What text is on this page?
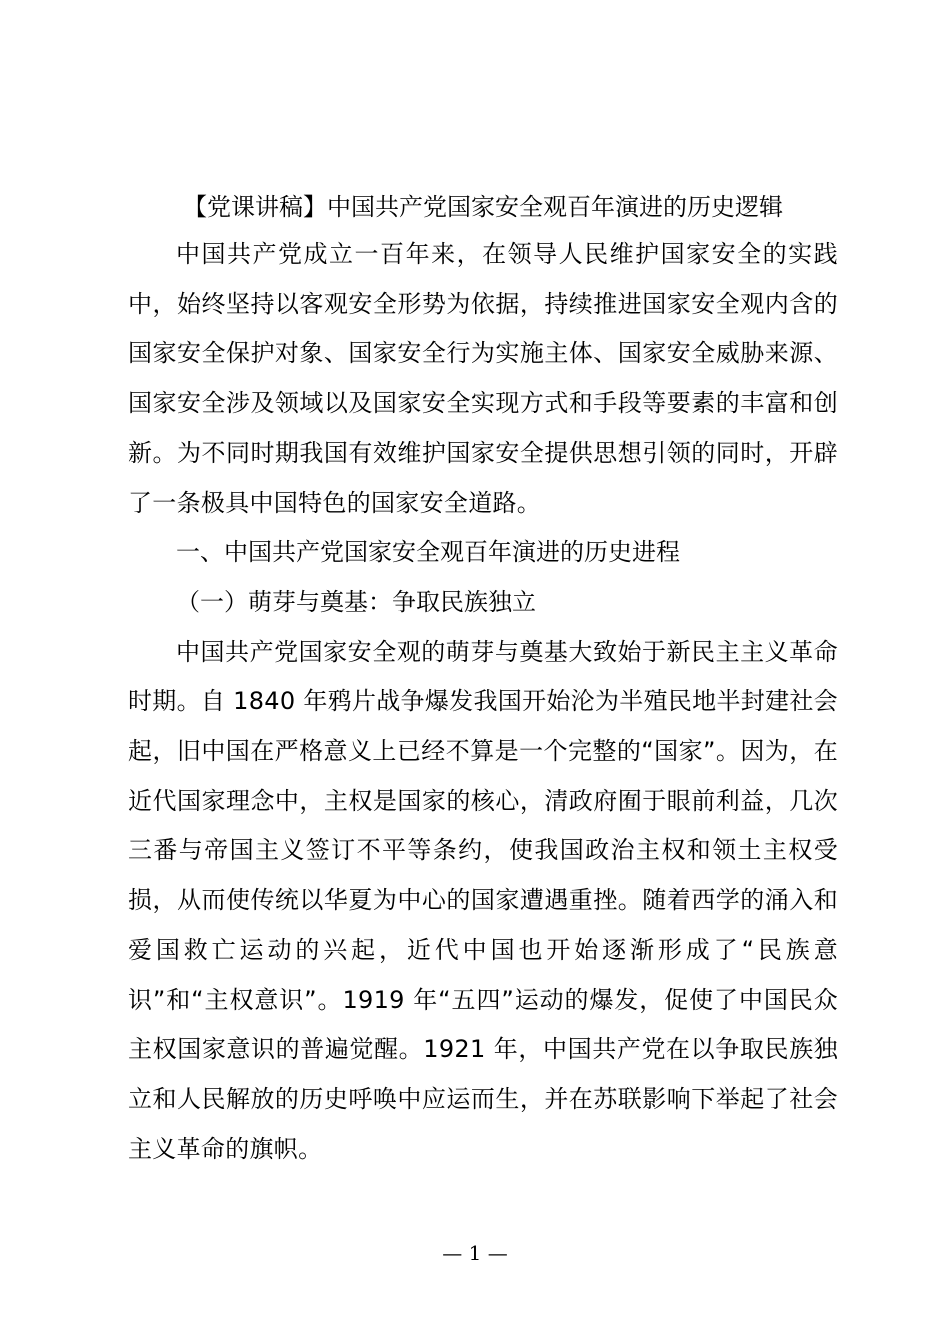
【党课讲稿】中国共产党国家安全观百年演进的历史逻辑

中国共产党成立一百年来，在领导人民维护国家安全的实践中，始终坚持以客观安全形势为依据，持续推进国家安全观内含的国家安全保护对象、国家安全行为实施主体、国家安全威胁来源、国家安全涉及领域以及国家安全实现方式和手段等要素的丰富和创新。为不同时期我国有效维护国家安全提供思想引领的同时，开辟了一条极具中国特色的国家安全道路。

一、中国共产党国家安全观百年演进的历史进程

（一）萌芽与奠基：争取民族独立

中国共产党国家安全观的萌芽与奠基大致始于新民主主义革命时期。自 1840 年鸦片战争爆发我国开始沦为半殖民地半封建社会起，旧中国在严格意义上已经不算是一个完整的“国家”。因为，在近代国家理念中，主权是国家的核心，清政府囿于眼前利益，几次三番与帝国主义签订不平等条约，使我国政治主权和领土主权受损，从而使传统以华夏为中心的国家遭遇重挫。随着西学的涌入和爱国救亡运动的兴起，近代中国也开始逐渐形成了“民族意识”和“主权意识”。1919 年“五四”运动的爆发，促使了中国民众主权国家意识的普遍觉醒。1921 年，中国共产党在以争取民族独立和人民解放的历史呼唤中应运而生，并在苏联影响下举起了社会主义革命的旗帜。

— 1 —
